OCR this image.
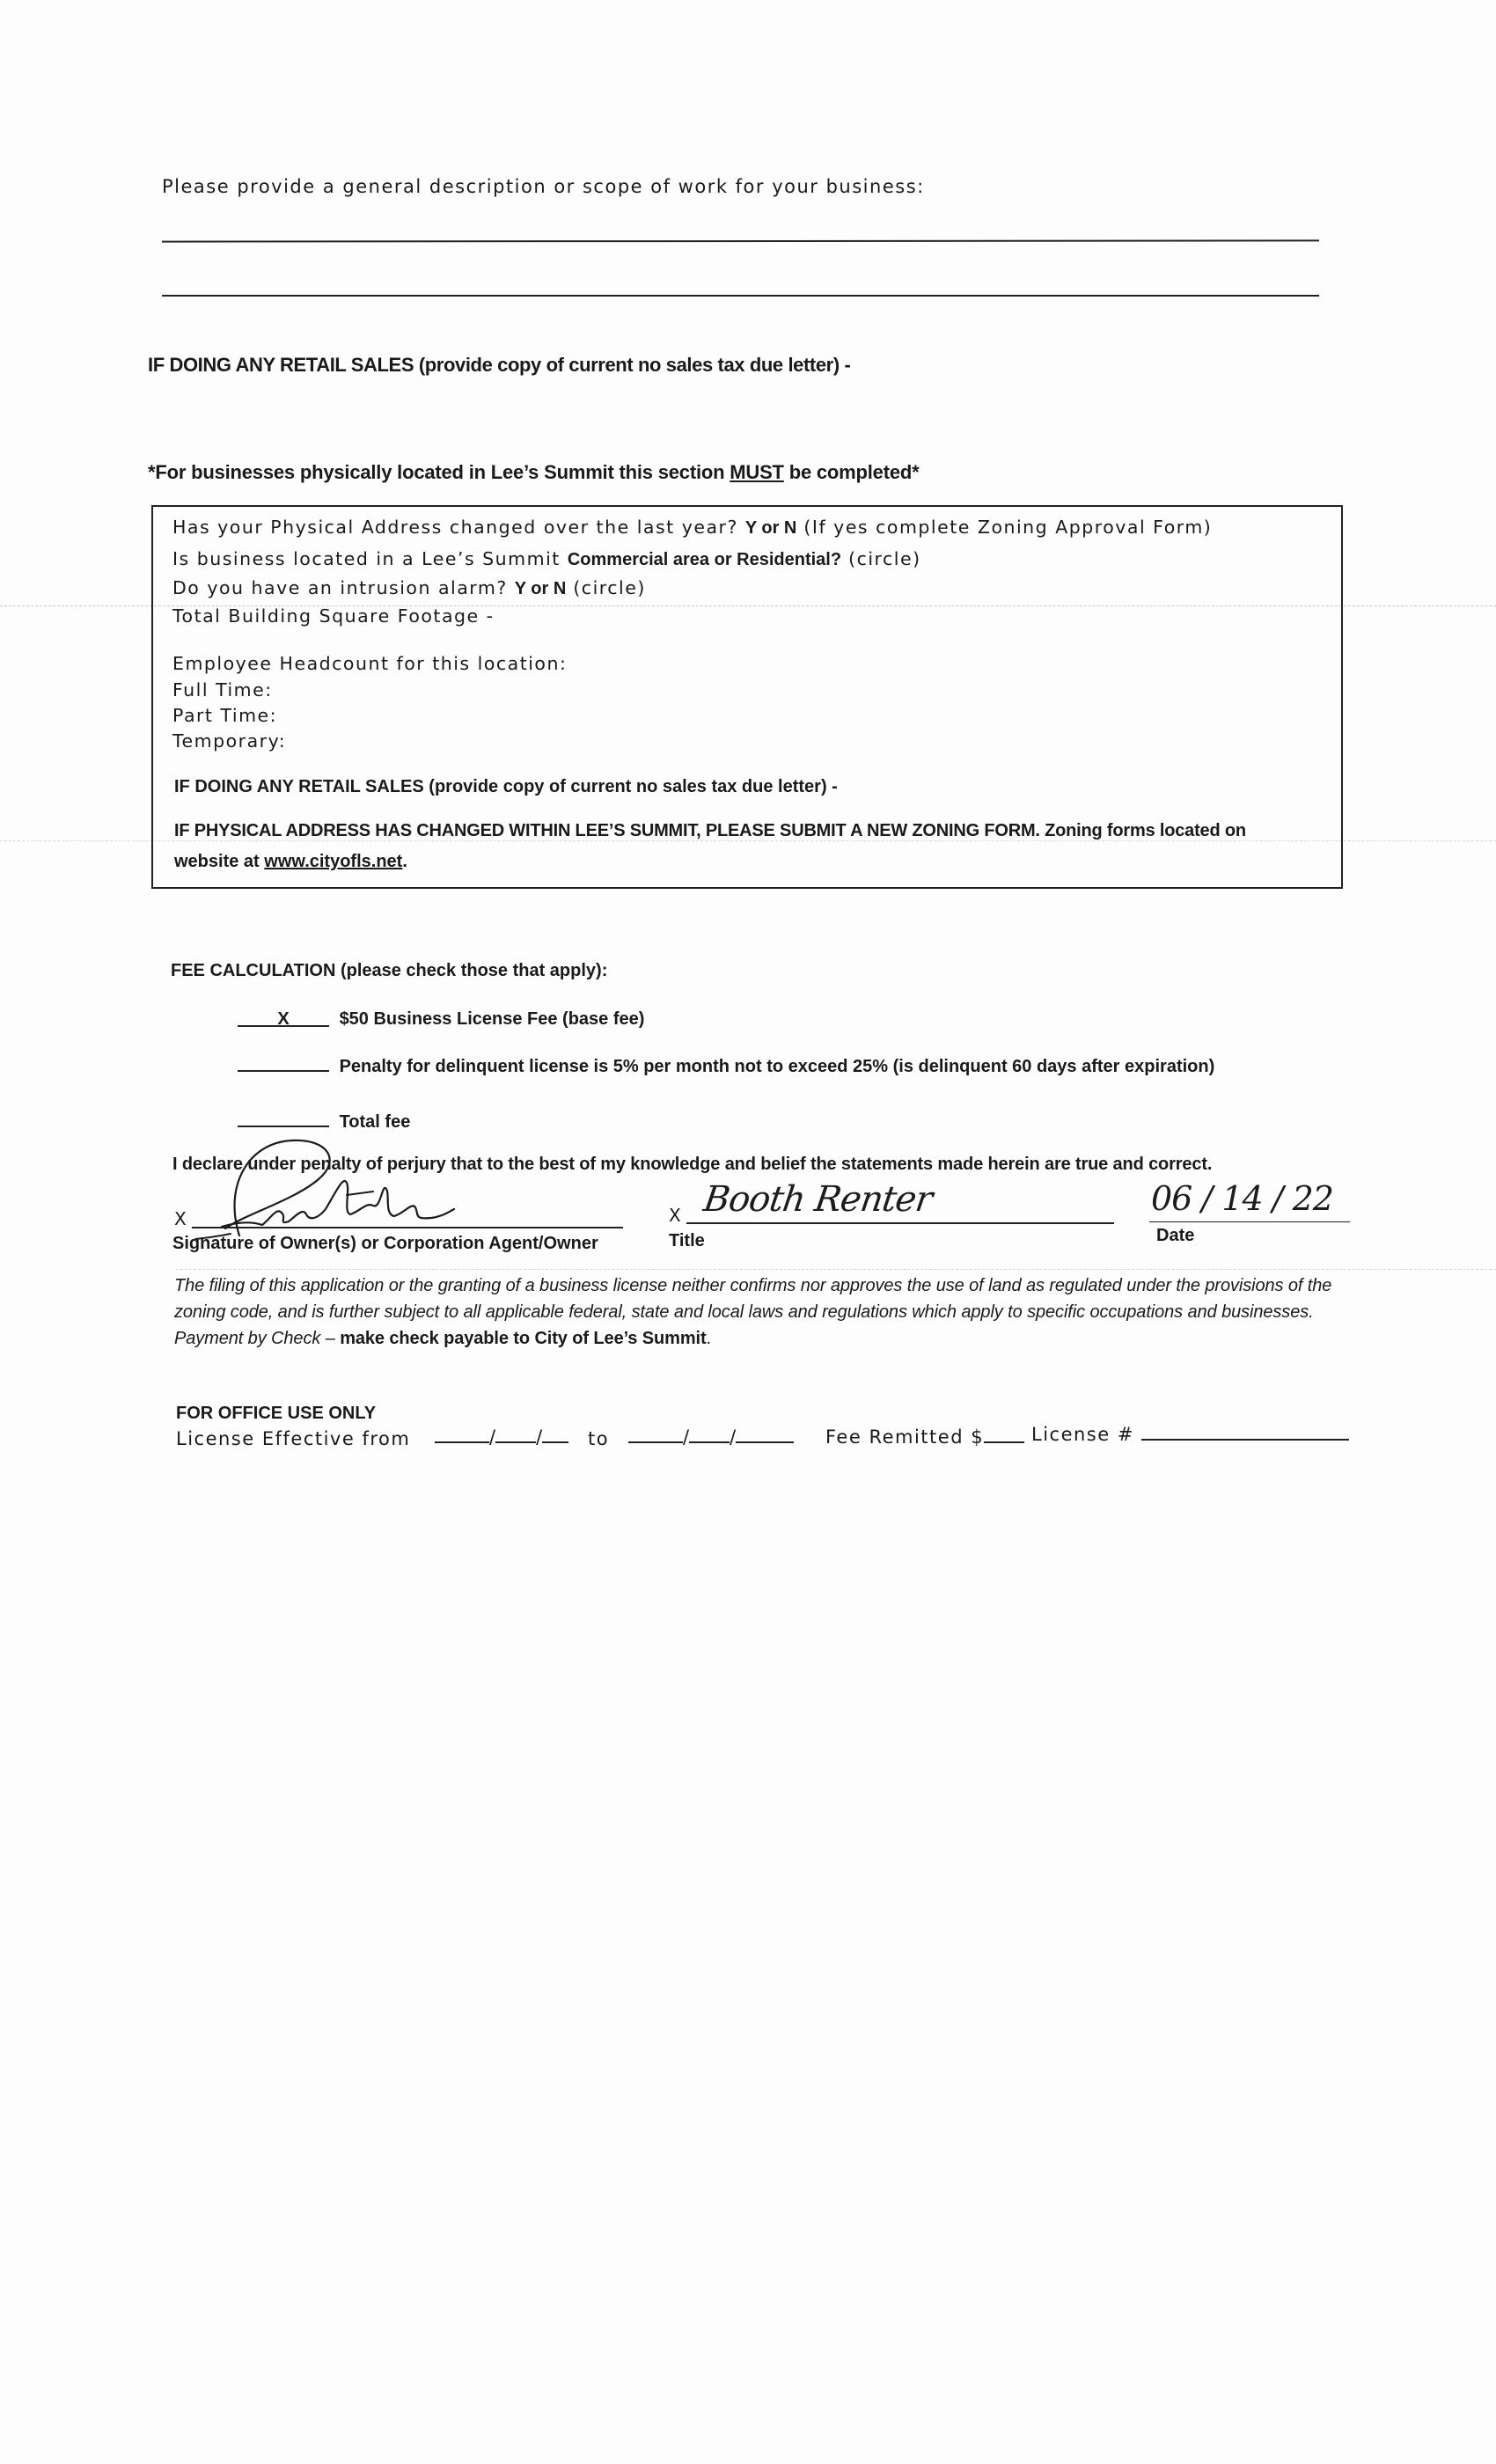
Please provide a general description or scope of work for your business:
IF DOING ANY RETAIL SALES (provide copy of current no sales tax due letter) -
*For businesses physically located in Lee’s Summit this section MUST be completed*
Has your Physical Address changed over the last year? Y or N (If yes complete Zoning Approval Form)
Is business located in a Lee’s Summit Commercial area or Residential? (circle)
Do you have an intrusion alarm? Y or N (circle)
Total Building Square Footage -
Employee Headcount for this location:
Full Time:
Part Time:
Temporary:
IF DOING ANY RETAIL SALES (provide copy of current no sales tax due letter) -
IF PHYSICAL ADDRESS HAS CHANGED WITHIN LEE’S SUMMIT, PLEASE SUBMIT A NEW ZONING FORM. Zoning forms located on
website at www.cityofls.net.
FEE CALCULATION (please check those that apply):
X	$50 Business License Fee (base fee)
Penalty for delinquent license is 5% per month not to exceed 25% (is delinquent 60 days after expiration)
Total fee
I declare under penalty of perjury that to the best of my knowledge and belief the statements made herein are true and correct.
X
Signature of Owner(s) or Corporation Agent/Owner
X Booth Renter
Title
06 / 14 / 22
Date
The filing of this application or the granting of a business license neither confirms nor approves the use of land as regulated under the provisions of the zoning code, and is further subject to all applicable federal, state and local laws and regulations which apply to specific occupations and businesses. Payment by Check – make check payable to City of Lee’s Summit.
FOR OFFICE USE ONLY
License Effective from	/ /	to	/ /	Fee Remitted $	License #
